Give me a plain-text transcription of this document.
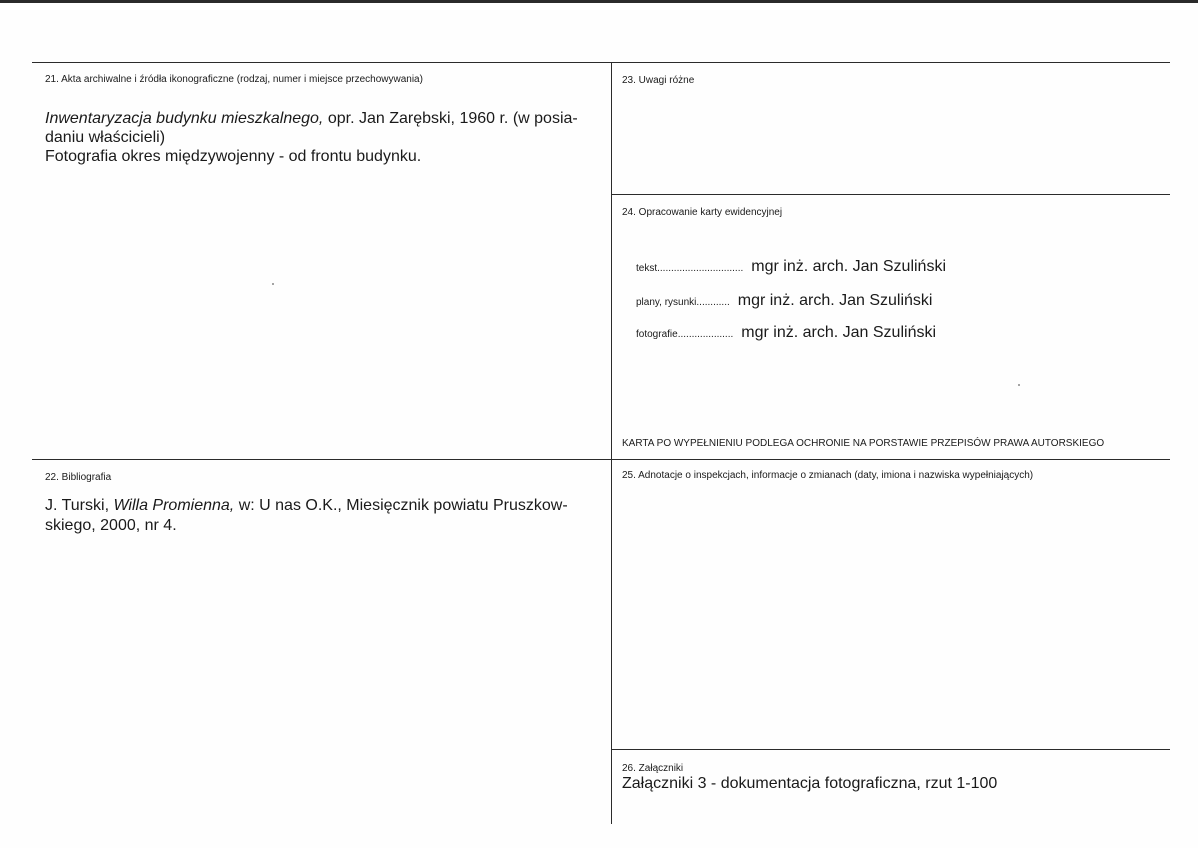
21. Akta archiwalne i źródła ikonograficzne (rodzaj, numer i miejsce przechowywania)
Inwentaryzacja budynku mieszkalnego, opr. Jan Zarębski, 1960 r. (w posia-
daniu właścicieli)
Fotografia okres międzywojenny - od frontu budynku.
22. Bibliografia
J. Turski, Willa Promienna, w: U nas O.K., Miesięcznik powiatu Pruszkow-
skiego, 2000, nr 4.
23. Uwagi różne
24. Opracowanie karty ewidencyjnej
tekst ............................... mgr inż. arch. Jan Szuliński
plany, rysunki ............ mgr inż. arch. Jan Szuliński
fotografie .................... mgr inż. arch. Jan Szuliński
KARTA PO WYPEŁNIENIU PODLEGA OCHRONIE NA PORSTAWIE PRZEPISÓW PRAWA AUTORSKIEGO
25. Adnotacje o inspekcjach, informacje o zmianach (daty, imiona i nazwiska wypełniających)
26. Załączniki
Załączniki 3 - dokumentacja fotograficzna, rzut 1-100
